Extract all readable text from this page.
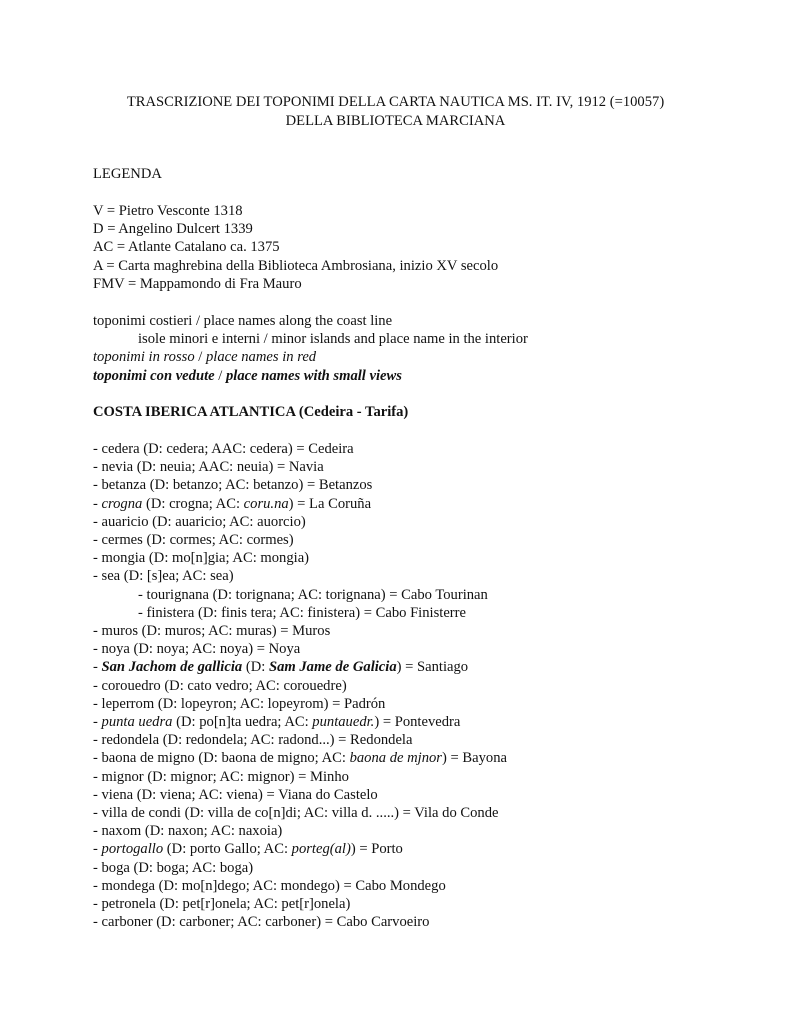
TRASCRIZIONE DEI TOPONIMI DELLA CARTA NAUTICA MS. IT. IV, 1912 (=10057)
DELLA BIBLIOTECA MARCIANA
LEGENDA
V = Pietro Vesconte 1318
D = Angelino Dulcert 1339
AC = Atlante Catalano ca. 1375
A = Carta maghrebina della Biblioteca Ambrosiana, inizio XV secolo
FMV = Mappamondo di Fra Mauro
toponimi costieri / place names along the coast line
isole minori e interni / minor islands and place name in the interior
toponimi in rosso / place names in red
toponimi con vedute / place names with small views
COSTA IBERICA ATLANTICA (Cedeira - Tarifa)
- cedera (D: cedera; AAC: cedera) = Cedeira
- nevia (D: neuia; AAC: neuia) = Navia
- betanza (D: betanzo; AC: betanzo) = Betanzos
- crogna (D: crogna; AC: coru.na) = La Coruña
- auaricio (D: auaricio; AC: auorcio)
- cermes (D: cormes; AC: cormes)
- mongia (D: mo[n]gia; AC: mongia)
- sea (D: [s]ea; AC: sea)
- tourignana (D: torignana; AC: torignana) = Cabo Tourinan
- finistera (D: finis tera; AC: finistera) = Cabo Finisterre
- muros (D: muros; AC: muras) = Muros
- noya (D: noya; AC: noya) = Noya
- San Jachom de gallicia (D: Sam Jame de Galicia) = Santiago
- corouedro (D: cato vedro; AC: corouedre)
- leperrom (D: lopeyron; AC: lopeyrom) = Padrón
- punta uedra (D: po[n]ta uedra; AC: puntauedr.) = Pontevedra
- redondela (D: redondela; AC: radond...) = Redondela
- baona de migno (D: baona de migno; AC: baona de mjnor) = Bayona
- mignor (D: mignor; AC: mignor) = Minho
- viena (D: viena; AC: viena) = Viana do Castelo
- villa de condi (D: villa de co[n]di; AC: villa d. .....) = Vila do Conde
- naxom (D: naxon; AC: naxoia)
- portogallo (D: porto Gallo; AC: porteg(al)) = Porto
- boga (D: boga; AC: boga)
- mondega (D: mo[n]dego; AC: mondego) = Cabo Mondego
- petronela (D: pet[r]onela; AC: pet[r]onela)
- carboner (D: carboner; AC: carboner) = Cabo Carvoeiro
